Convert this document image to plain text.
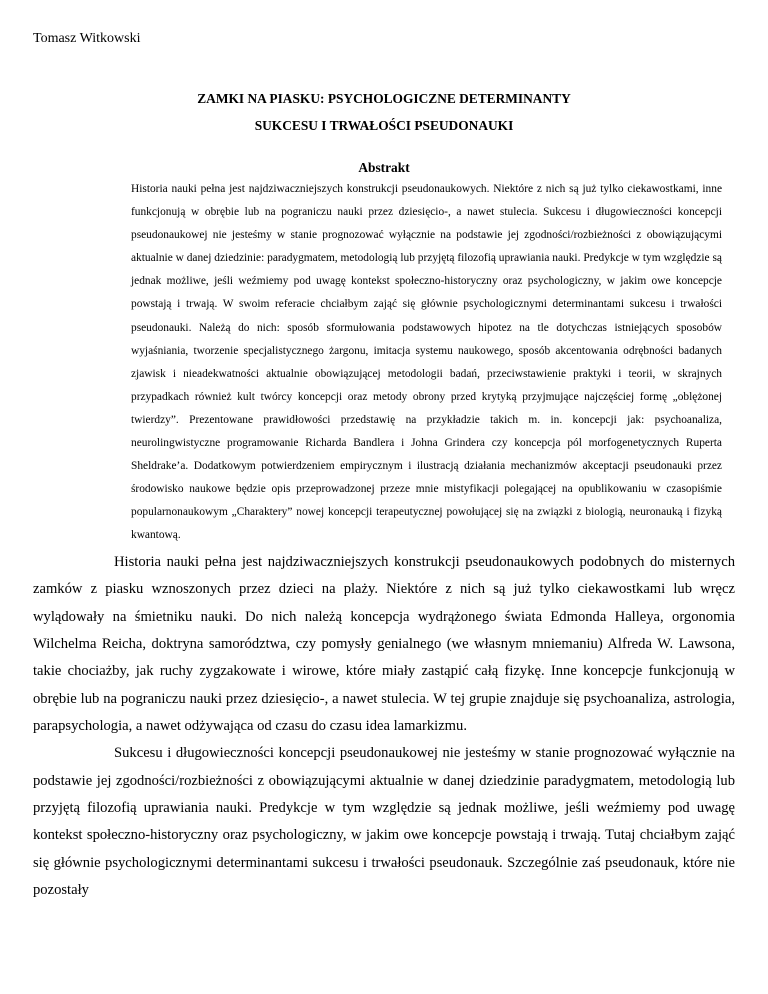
Tomasz Witkowski
ZAMKI NA PIASKU: PSYCHOLOGICZNE DETERMINANTY
SUKCESU I TRWAŁOŚCI PSEUDONAUKI
Abstrakt
Historia nauki pełna jest najdziwaczniejszych konstrukcji pseudonaukowych. Niektóre z nich są już tylko ciekawostkami, inne funkcjonują w obrębie lub na pograniczu nauki przez dziesięcio-, a nawet stulecia. Sukcesu i długowieczności koncepcji pseudonaukowej nie jesteśmy w stanie prognozować wyłącznie na podstawie jej zgodności/rozbieżności z obowiązującymi aktualnie w danej dziedzinie: paradygmatem, metodologią lub przyjętą filozofią uprawiania nauki. Predykcje w tym względzie są jednak możliwe, jeśli weźmiemy pod uwagę kontekst społeczno-historyczny oraz psychologiczny, w jakim owe koncepcje powstają i trwają. W swoim referacie chciałbym zająć się głównie psychologicznymi determinantami sukcesu i trwałości pseudonauki. Należą do nich: sposób sformułowania podstawowych hipotez na tle dotychczas istniejących sposobów wyjaśniania, tworzenie specjalistycznego żargonu, imitacja systemu naukowego, sposób akcentowania odrębności badanych zjawisk i nieadekwatności aktualnie obowiązującej metodologii badań, przeciwstawienie praktyki i teorii, w skrajnych przypadkach również kult twórcy koncepcji oraz metody obrony przed krytyką przyjmujące najczęściej formę „oblężonej twierdzy”. Prezentowane prawidłowości przedstawię na przykładzie takich m. in. koncepcji jak: psychoanaliza, neurolingwistyczne programowanie Richarda Bandlera i Johna Grindera czy koncepcja pól morfogenetycznych Ruperta Sheldrake’a. Dodatkowym potwierdzeniem empirycznym i ilustracją działania mechanizmów akceptacji pseudonauki przez środowisko naukowe będzie opis przeprowadzonej przeze mnie mistyfikacji polegającej na opublikowaniu w czasopiśmie popularnonaukowym „Charaktery” nowej koncepcji terapeutycznej powołującej się na związki z biologią, neuronauką i fizyką kwantową.

Historia nauki pełna jest najdziwaczniejszych konstrukcji pseudonaukowych podobnych do misternych zamków z piasku wznoszonych przez dzieci na plaży. Niektóre z nich są już tylko ciekawostkami lub wręcz wylądowały na śmietniku nauki. Do nich należą koncepcja wydrążonego świata Edmonda Halleya, orgonomia Wilchelma Reicha, doktryna samorództwa, czy pomysły genialnego (we własnym mniemaniu) Alfreda W. Lawsona, takie chociażby, jak ruchy zygzakowate i wirowe, które miały zastąpić całą fizykę. Inne koncepcje funkcjonują w obrębie lub na pograniczu nauki przez dziesięcio-, a nawet stulecia. W tej grupie znajduje się psychoanaliza, astrologia, parapsychologia, a nawet odżywająca od czasu do czasu idea lamarkizmu.

Sukcesu i długowieczności koncepcji pseudonaukowej nie jesteśmy w stanie prognozować wyłącznie na podstawie jej zgodności/rozbieżności z obowiązującymi aktualnie w danej dziedzinie paradygmatem, metodologią lub przyjętą filozofią uprawiania nauki. Predykcje w tym względzie są jednak możliwe, jeśli weźmiemy pod uwagę kontekst społeczno-historyczny oraz psychologiczny, w jakim owe koncepcje powstają i trwają. Tutaj chciałbym zająć się głównie psychologicznymi determinantami sukcesu i trwałości pseudonauk. Szczególnie zaś pseudonauk, które nie pozostały
